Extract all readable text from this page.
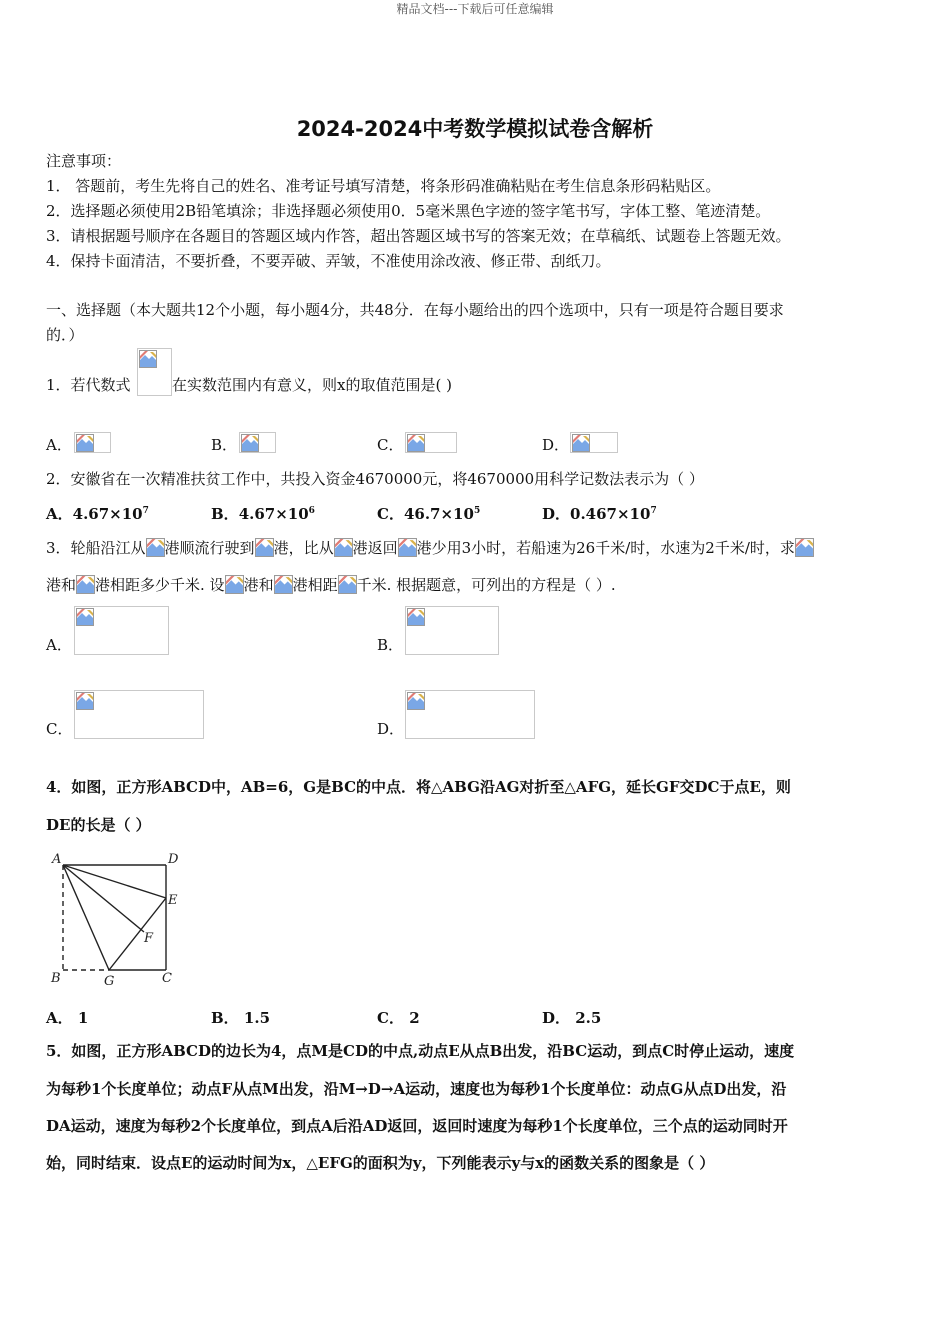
精品文档---下载后可任意编辑
2024-2024中考数学模拟试卷含解析
注意事项：
1． 答题前，考生先将自己的姓名、准考证号填写清楚，将条形码准确粘贴在考生信息条形码粘贴区。
2．选择题必须使用2B铅笔填涂；非选择题必须使用0．5毫米黑色字迹的签字笔书写，字体工整、笔迹清楚。
3．请根据题号顺序在各题目的答题区域内作答，超出答题区域书写的答案无效；在草稿纸、试题卷上答题无效。
4．保持卡面清洁，不要折叠，不要弄破、弄皱，不准使用涂改液、修正带、刮纸刀。
一、选择题（本大题共12个小题，每小题4分，共48分．在每小题给出的四个选项中，只有一项是符合题目要求
的．）
1．若代数式	在实数范围内有意义，则x的取值范围是( )
A．	B．	C．	D．
2．安徽省在一次精准扶贫工作中，共投入资金4670000元，将4670000用科学记数法表示为（ ）
A．$4.67\times 10^7$	B．$4.67\times 10^6$	C．$46.7\times 10^5$	D．$0.467\times 10^7$
3．轮船沿江从 港顺流行驶到 港，比从 港返回 港少用3小时，若船速为26千米/时，水速为2千米/时，求
港和 港相距多少千米. 设 港和 港相距 千米. 根据题意，可列出的方程是（ ）.
A．	B．
C．	D．
4．如图，正方形ABCD中，AB=6，G是BC的中点．将△ABG沿AG对折至△AFG，延长GF交DC于点E，则
DE的长是（ ）
A	D
E
F
B	G	C
A． 1	B． 1.5	C． 2	D． 2.5
5．如图，正方形ABCD的边长为4，点M是CD的中点,动点E从点B出发，沿BC运动，到点C时停止运动，速度
为每秒1个长度单位；动点F从点M出发，沿M→D→A运动，速度也为每秒1个长度单位：动点G从点D出发，沿
DA运动，速度为每秒2个长度单位，到点A后沿AD返回，返回时速度为每秒1个长度单位，三个点的运动同时开
始，同时结束．设点E的运动时间为x，△EFG的面积为y，下列能表示y与x的函数关系的图象是（ ）
